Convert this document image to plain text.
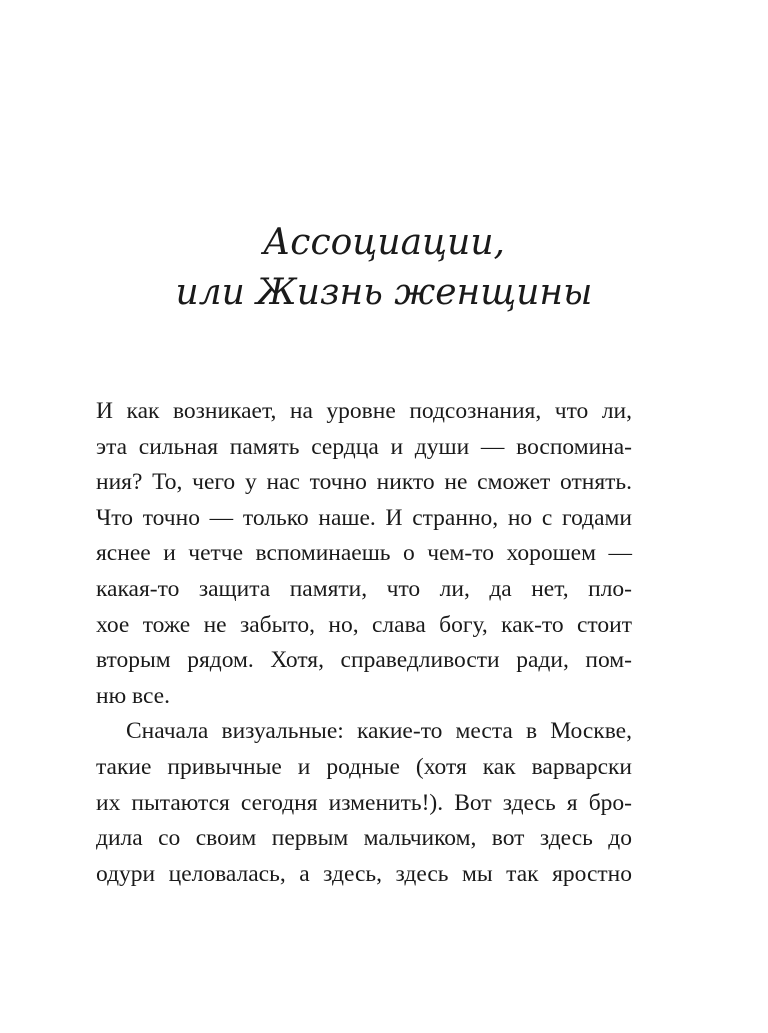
Ассоциации,
или Жизнь женщины
И как возникает, на уровне подсознания, что ли,
эта сильная память сердца и души — воспомина-
ния? То, чего у нас точно никто не сможет отнять.
Что точно — только наше. И странно, но с годами
яснее и четче вспоминаешь о чем-то хорошем —
какая-то защита памяти, что ли, да нет, пло-
хое тоже не забыто, но, слава богу, как-то стоит
вторым рядом. Хотя, справедливости ради, пом-
ню все.
Сначала визуальные: какие-то места в Москве,
такие привычные и родные (хотя как варварски
их пытаются сегодня изменить!). Вот здесь я бро-
дила со своим первым мальчиком, вот здесь до
одури целовалась, а здесь, здесь мы так яростно
